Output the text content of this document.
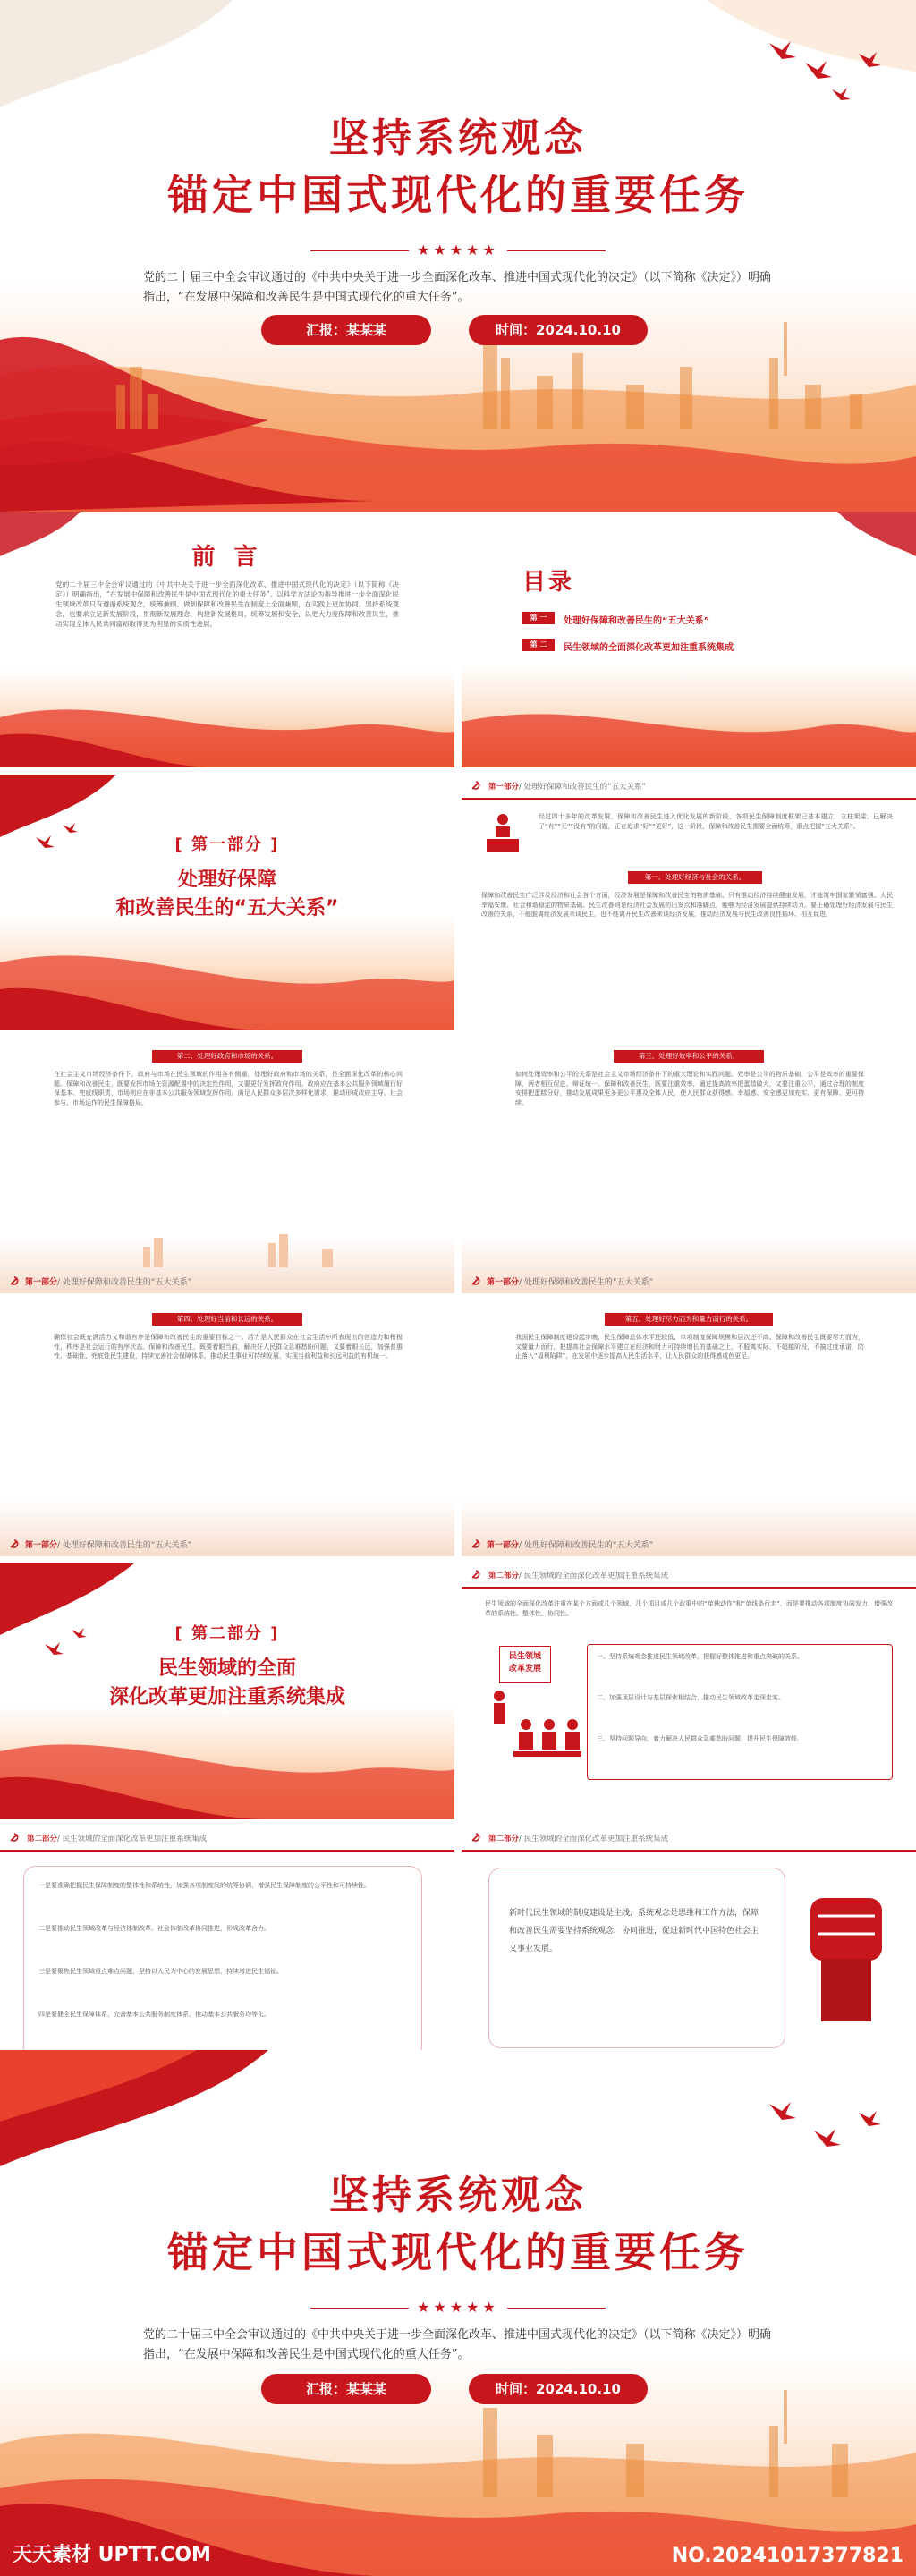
坚持系统观念
锚定中国式现代化的重要任务
★★★★★
党的二十届三中全会审议通过的《中共中央关于进一步全面深化改革、推进中国式现代化的决定》（以下简称《决定》）明确指出，“在发展中保障和改善民生是中国式现代化的重大任务”。
汇报：某某某	时间：2024.10.10
前 言
党的二十届三中全会审议通过的《中共中央关于进一步全面深化改革、推进中国式现代化的决定》（以下简称《决定》）明确指出，“在发展中保障和改善民生是中国式现代化的重大任务”。以科学方法论为指导推进一步全面深化民生领域改革只有遵循系统观念，统筹兼顾。做到保障和改善民生在制度上全面兼顾，在实践上更加协同。坚持系统观念，也要求立足新发展阶段，贯彻新发展理念，构建新发展格局，统筹发展和安全，以更大力度保障和改善民生，推动实现全体人民共同富裕取得更为明显的实质性进展。
目录
第 一	处理好保障和改善民生的“五大关系”
第 二	民生领域的全面深化改革更加注重系统集成
[ 第一部分 ]
处理好保障
和改善民生的“五大关系”
第一部分/ 处理好保障和改善民生的“五大关系”
经过四十多年的改革发展，保障和改善民生进入优化发展的新阶段，各项民生保障制度框架已基本建立，立柱架梁、已解决了“有”“无”“没有”的问题，正在追求“好”“更好”，这一阶段，保障和改善民生需要全面统筹，重点把握“五大关系”。
第一、处理好经济与社会的关系。
保障和改善民生广泛涉及经济和社会各个方面，经济发展是保障和改善民生的物质基础，只有推动经济持续健康发展，才能筑牢国家繁荣富强、人民幸福安康、社会和谐稳定的物质基础。民生改善则是经济社会发展的出发点和落脚点，能够为经济发展提供持续动力。要正确处理好经济发展与民生改善的关系，不能脱离经济发展来谈民生，也不能离开民生改善来谈经济发展，推动经济发展与民生改善良性循环、相互促进。
第二、处理好政府和市场的关系。
在社会主义市场经济条件下，政府与市场在民生领域的作用各有侧重，处理好政府和市场的关系，是全面深化改革的核心问题。保障和改善民生，既要发挥市场在资源配置中的决定性作用，又要更好发挥政府作用。政府应在基本公共服务领域履行好保基本、兜底线职责，市场则应在非基本公共服务领域发挥作用，满足人民群众多层次多样化需求，推动形成政府主导、社会参与、市场运作的民生保障格局。
第一部分/ 处理好保障和改善民生的“五大关系”
第三、处理好效率和公平的关系。
如何处理效率和公平的关系是社会主义市场经济条件下的重大理论和实践问题。效率是公平的物质基础，公平是效率的重要保障，两者相互促进、辩证统一。保障和改善民生，既要注重效率，通过提高效率把蛋糕做大，又要注重公平，通过合理的制度安排把蛋糕分好，推动发展成果更多更公平惠及全体人民，使人民群众获得感、幸福感、安全感更加充实、更有保障、更可持续。
第一部分/ 处理好保障和改善民生的“五大关系”
第四、处理好当前和长远的关系。
确保社会既充满活力又和谐有序是保障和改善民生的重要目标之一。活力是人民群众在社会生活中所表现出的创造力和积极性，秩序是社会运行的有序状态。保障和改善民生，既要着眼当前，解决好人民群众急难愁盼问题，又要着眼长远，加强普惠性、基础性、兜底性民生建设，持续完善社会保障体系，推动民生事业可持续发展，实现当前利益和长远利益的有机统一。
第一部分/ 处理好保障和改善民生的“五大关系”
第五、处理好尽力而为和量力而行的关系。
我国民生保障制度建设起步晚，民生保障总体水平还较低，单项制度保障规模和层次还不高。保障和改善民生既要尽力而为，又要量力而行，把提高社会保障水平建立在经济和财力可持续增长的基础之上，不脱离实际、不超越阶段，不搞过度承诺，防止落入“福利陷阱”，在发展中逐步提高人民生活水平，让人民群众的获得感成色更足。
第一部分/ 处理好保障和改善民生的“五大关系”
[ 第二部分 ]
民生领域的全面
深化改革更加注重系统集成
第二部分/ 民生领域的全面深化改革更加注重系统集成
民生领域的全面深化改革注重在某个方面或几个领域，几个项目或几个政策中的“单独动作”和“单线条行走”，而是要推动各项制度协同发力。增强改革的系统性、整体性、协同性。
民生领域
改革发展
一、坚持系统观念推进民生领域改革，把握好整体推进和重点突破的关系。
二、加强顶层设计与基层探索相结合，推动民生领域改革走深走实。
三、坚持问题导向，着力解决人民群众急难愁盼问题，提升民生保障效能。
第二部分/ 民生领域的全面深化改革更加注重系统集成
一是要准确把握民生保障制度的整体性和系统性，加强各项制度间的统筹协调，增强民生保障制度的公平性和可持续性。
二是要推动民生领域改革与经济体制改革、社会体制改革协同推进，形成改革合力。
三是要聚焦民生领域重点难点问题，坚持以人民为中心的发展思想，持续增进民生福祉。
四是要健全民生保障体系，完善基本公共服务制度体系，推动基本公共服务均等化。
第二部分/ 民生领域的全面深化改革更加注重系统集成
新时代民生领域的制度建设是主线，系统观念是思维和工作方法，保障和改善民生需要坚持系统观念，协同推进，促进新时代中国特色社会主义事业发展。
坚持系统观念
锚定中国式现代化的重要任务
★★★★★
党的二十届三中全会审议通过的《中共中央关于进一步全面深化改革、推进中国式现代化的决定》（以下简称《决定》）明确指出，“在发展中保障和改善民生是中国式现代化的重大任务”。
汇报：某某某	时间：2024.10.10
天天素材 UPTT.COM	NO.20241017377821
